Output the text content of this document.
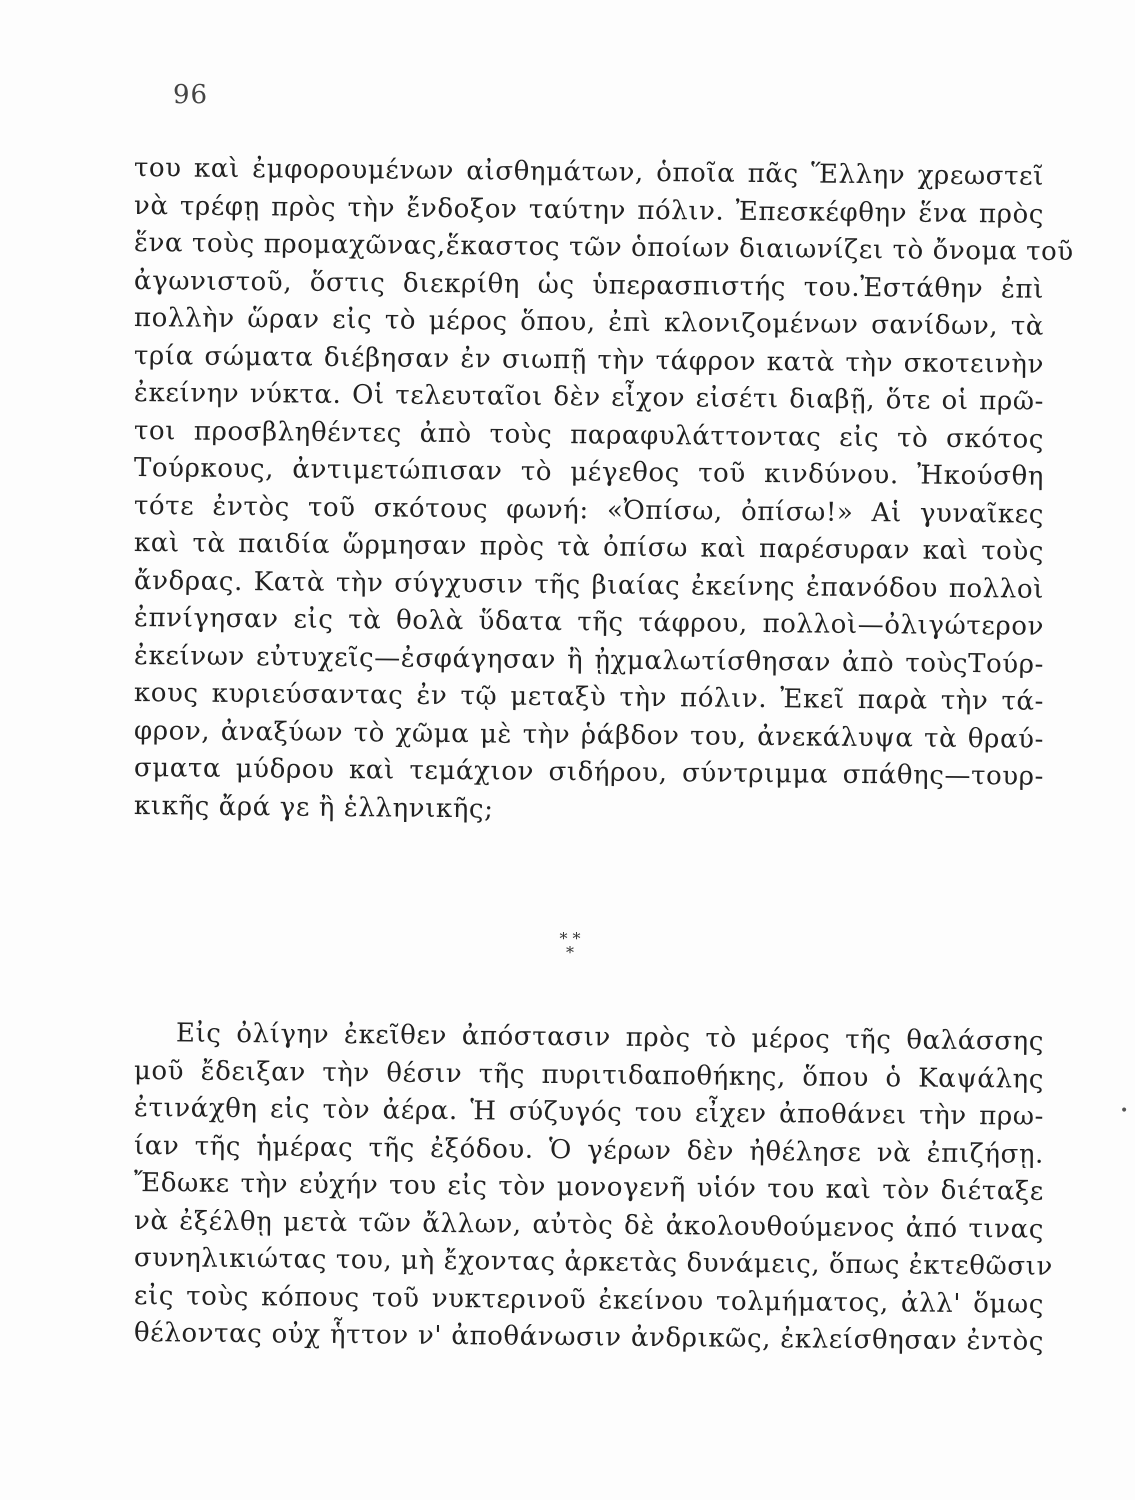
96
του καὶ ἐμφορουμένων αἰσθημάτων, ὁποῖα πᾶς Ἕλλην χρεωστεῖ
νὰ τρέφῃ πρὸς τὴν ἔνδοξον ταύτην πόλιν. Ἐπεσκέφθην ἕνα πρὸς
ἕνα τοὺς προμαχῶνας,ἕκαστος τῶν ὁποίων διαιωνίζει τὸ ὄνομα τοῦ
ἀγωνιστοῦ, ὅστις διεκρίθη ὡς ὑπερασπιστής του.Ἐστάθην ἐπὶ
πολλὴν ὥραν εἰς τὸ μέρος ὅπου, ἐπὶ κλονιζομένων σανίδων, τὰ
τρία σώματα διέβησαν ἐν σιωπῇ τὴν τάφρον κατὰ τὴν σκοτεινὴν
ἐκείνην νύκτα. Οἱ τελευταῖοι δὲν εἶχον εἰσέτι διαβῇ, ὅτε οἱ πρῶ-
τοι προσβληθέντες ἀπὸ τοὺς παραφυλάττοντας εἰς τὸ σκότος
Τούρκους, ἀντιμετώπισαν τὸ μέγεθος τοῦ κινδύνου. Ἠκούσθη
τότε ἐντὸς τοῦ σκότους φωνή: «Ὀπίσω, ὀπίσω!» Αἱ γυναῖκες
καὶ τὰ παιδία ὥρμησαν πρὸς τὰ ὀπίσω καὶ παρέσυραν καὶ τοὺς
ἄνδρας. Κατὰ τὴν σύγχυσιν τῆς βιαίας ἐκείνης ἐπανόδου πολλοὶ
ἐπνίγησαν εἰς τὰ θολὰ ὕδατα τῆς τάφρου, πολλοὶ—ὀλιγώτερον
ἐκείνων εὐτυχεῖς—ἐσφάγησαν ἢ ᾐχμαλωτίσθησαν ἀπὸ τοὺςΤούρ-
κους κυριεύσαντας ἐν τῷ μεταξὺ τὴν πόλιν. Ἐκεῖ παρὰ τὴν τά-
φρον, ἀναξύων τὸ χῶμα μὲ τὴν ῥάβδον του, ἀνεκάλυψα τὰ θραύ-
σματα μύδρου καὶ τεμάχιον σιδήρου, σύντριμμα σπάθης—τουρ-
κικῆς ἄρά γε ἢ ἑλληνικῆς;
* *
*
Εἰς ὀλίγην ἐκεῖθεν ἀπόστασιν πρὸς τὸ μέρος τῆς θαλάσσης
μοῦ ἔδειξαν τὴν θέσιν τῆς πυριτιδαποθήκης, ὅπου ὁ Καψάλης
ἐτινάχθη εἰς τὸν ἀέρα. Ἡ σύζυγός του εἶχεν ἀποθάνει τὴν πρω-
ίαν τῆς ἡμέρας τῆς ἐξόδου. Ὁ γέρων δὲν ἠθέλησε νὰ ἐπιζήσῃ.
Ἔδωκε τὴν εὐχήν του εἰς τὸν μονογενῆ υἱόν του καὶ τὸν διέταξε
νὰ ἐξέλθῃ μετὰ τῶν ἄλλων, αὐτὸς δὲ ἀκολουθούμενος ἀπό τινας
συνηλικιώτας του, μὴ ἔχοντας ἀρκετὰς δυνάμεις, ὅπως ἐκτεθῶσιν
εἰς τοὺς κόπους τοῦ νυκτερινοῦ ἐκείνου τολμήματος, ἀλλ' ὅμως
θέλοντας οὐχ ἧττον ν' ἀποθάνωσιν ἀνδρικῶς, ἐκλείσθησαν ἐντὸς
•
